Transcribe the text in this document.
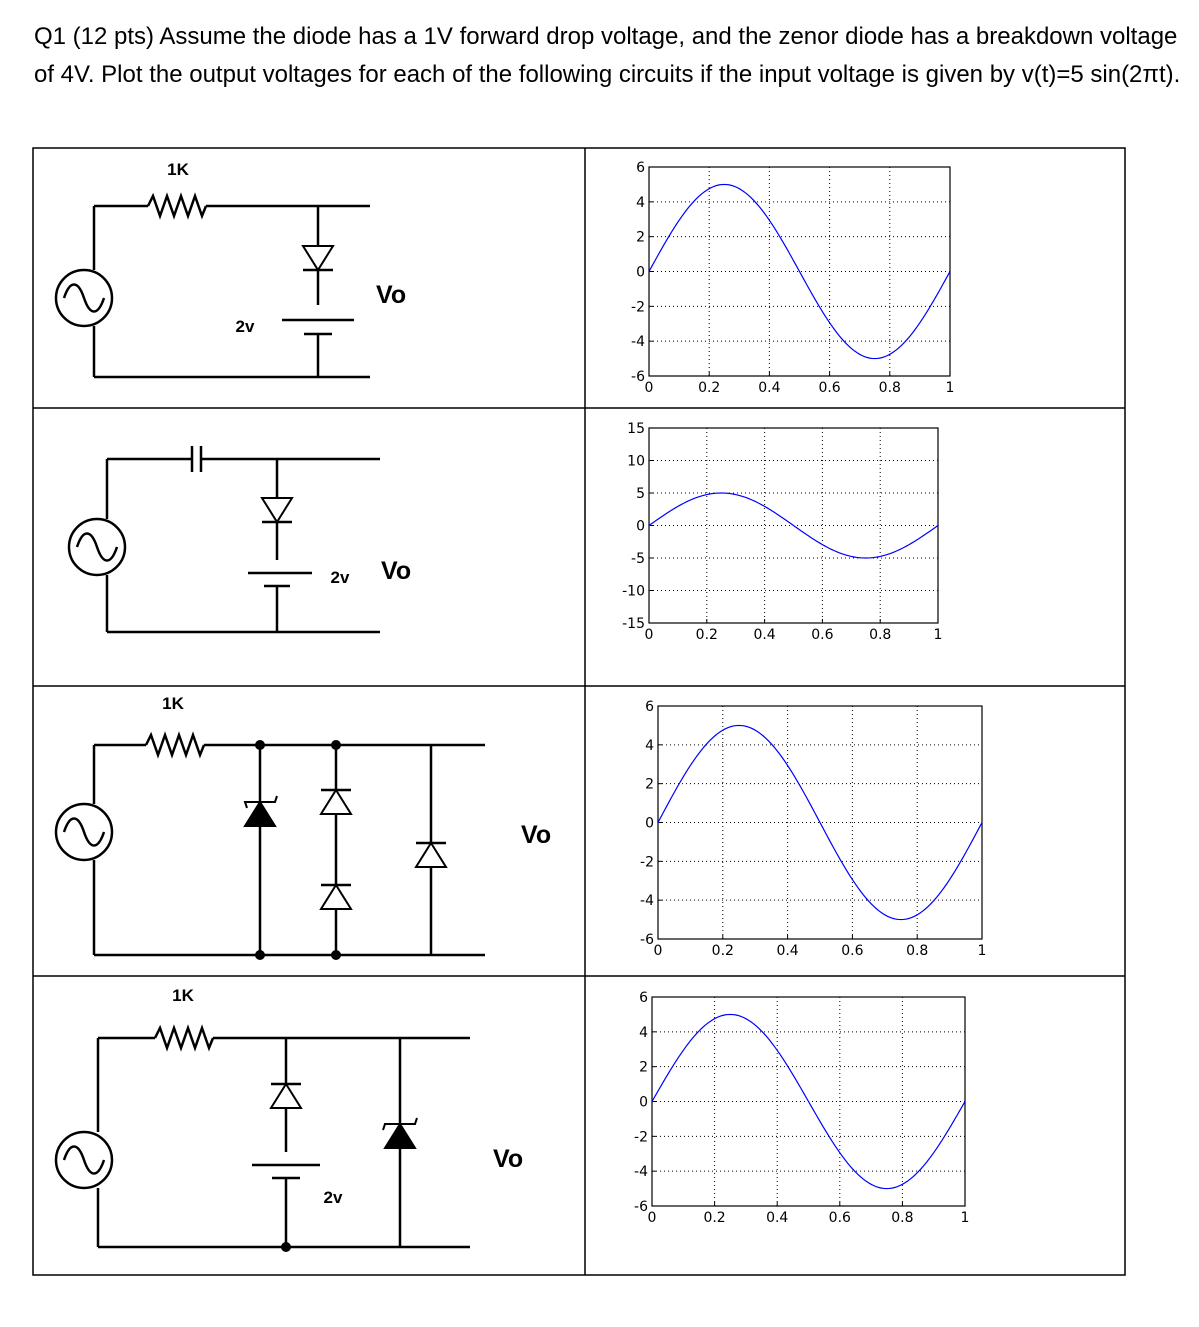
Q1 (12 pts) Assume the diode has a 1V forward drop voltage, and the zenor diode has a breakdown voltage of 4V. Plot the output voltages for each of the following circuits if the input voltage is given by v(t)=5 sin(2πt).

1K
2v
Vo
2v Vo
1K
Vo
1K
2v
Vo
0	0.2	0.4	0.6	0.8	1
6
4
2
0
-2
-4
-6
0	0.2	0.4	0.6	0.8	1
15
10
5
0
-5
-10
-15
0	0.2	0.4	0.6	0.8	1
6
4
2
0
-2
-4
-6
0	0.2	0.4	0.6	0.8	1
6
4
2
0
-2
-4
-6
